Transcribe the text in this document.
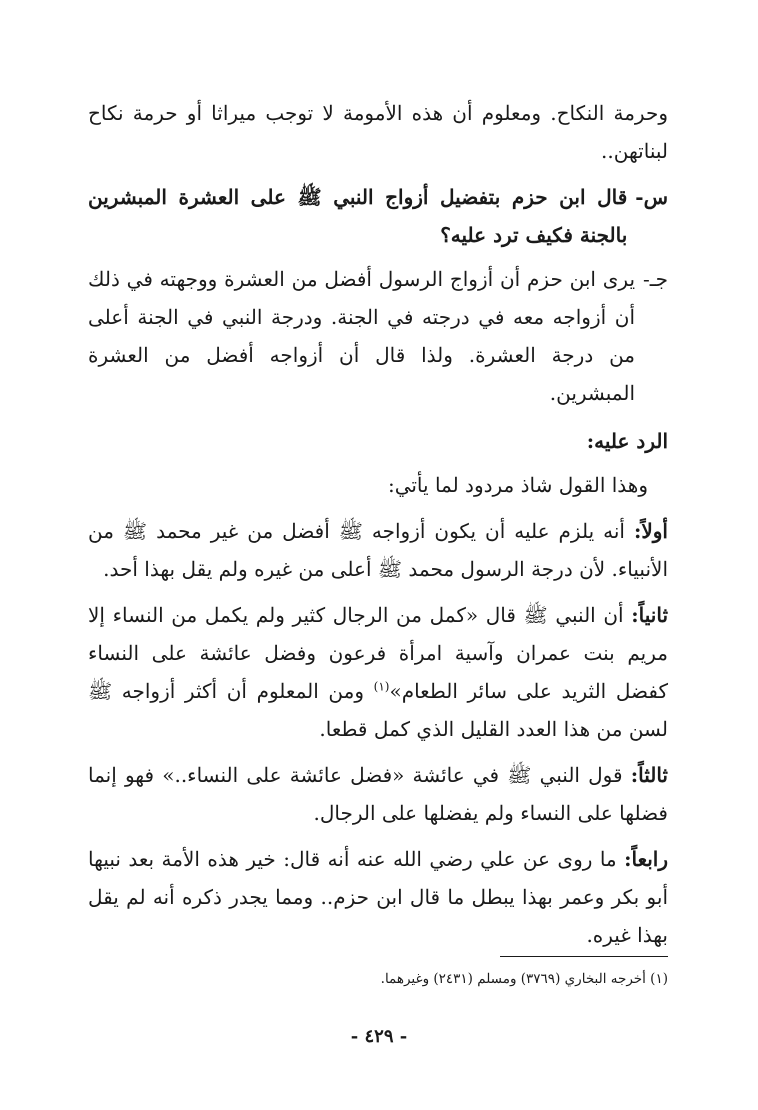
وحرمة النكاح. ومعلوم أن هذه الأمومة لا توجب ميراثا أو حرمة نكاح لبناتهن..

س-
قال ابن حزم بتفضيل أزواج النبي ﷺ على العشرة المبشرين بالجنة فكيف ترد عليه؟
جـ-
يرى ابن حزم أن أزواج الرسول أفضل من العشرة ووجهته في ذلك أن أزواجه معه في درجته في الجنة. ودرجة النبي في الجنة أعلى من درجة العشرة. ولذا قال أن أزواجه أفضل من العشرة المبشرين.

الرد عليه:

وهذا القول شاذ مردود لما يأتي:

أولاً: أنه يلزم عليه أن يكون أزواجه ﷺ أفضل من غير محمد ﷺ من الأنبياء. لأن درجة الرسول محمد ﷺ أعلى من غيره ولم يقل بهذا أحد.

ثانياً: أن النبي ﷺ قال «كمل من الرجال كثير ولم يكمل من النساء إلا مريم بنت عمران وآسية امرأة فرعون وفضل عائشة على النساء كفضل الثريد على سائر الطعام»$^{(١)}$ ومن المعلوم أن أكثر أزواجه ﷺ لسن من هذا العدد القليل الذي كمل قطعا.

ثالثاً: قول النبي ﷺ في عائشة «فضل عائشة على النساء..» فهو إنما فضلها على النساء ولم يفضلها على الرجال.

رابعاً: ما روى عن علي رضي الله عنه أنه قال: خير هذه الأمة بعد نبيها أبو بكر وعمر بهذا يبطل ما قال ابن حزم.. ومما يجدر ذكره أنه لم يقل بهذا غيره.

(١) أخرجه البخاري (٣٧٦٩) ومسلم (٢٤٣١) وغيرهما.

- ٤٢٩ -
